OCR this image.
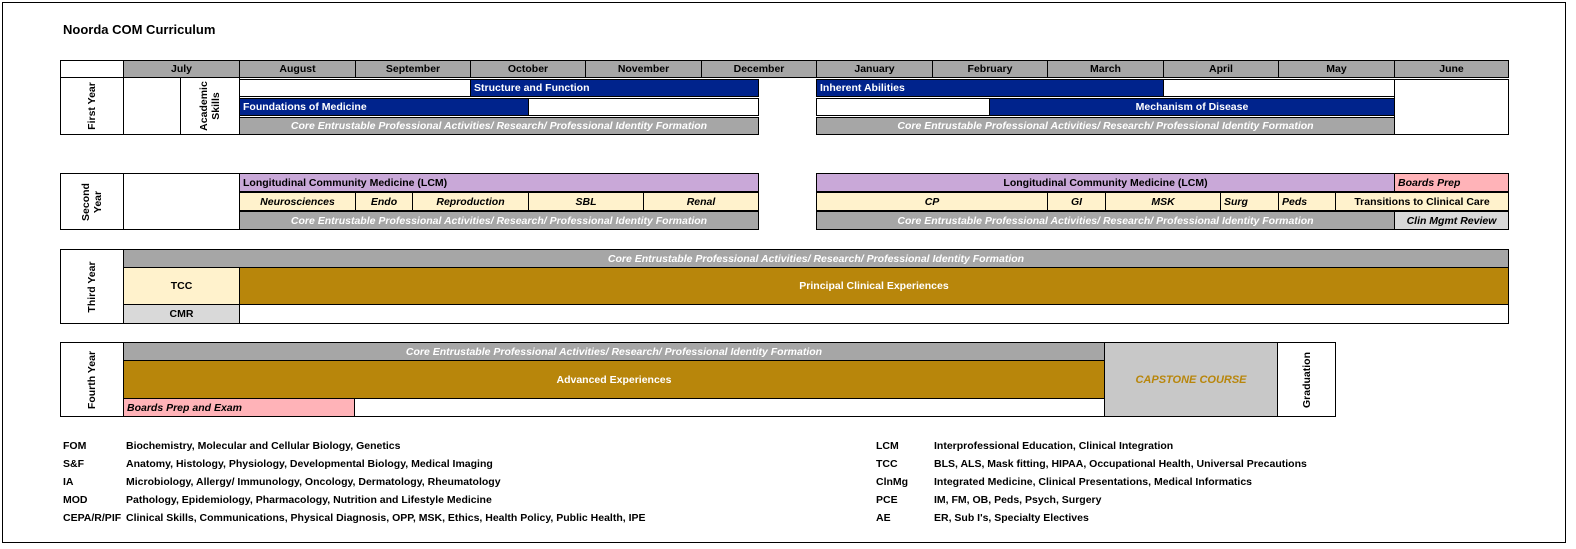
Noorda COM Curriculum
July	August	September	October	November	December	January	February	March	April	May	June
First Year	Academic Skills
Structure and Function
Foundations of Medicine
Core Entrustable Professional Activities/ Research/ Professional Identity Formation
Inherent Abilities
Mechanism of Disease
Core Entrustable Professional Activities/ Research/ Professional Identity Formation
Second Year
Longitudinal Community Medicine (LCM)
Neurosciences	Endo	Reproduction	SBL	Renal
Core Entrustable Professional Activities/ Research/ Professional Identity Formation
Longitudinal Community Medicine (LCM)	Boards Prep
CP	GI	MSK	Surg	Peds	Transitions to Clinical Care
Core Entrustable Professional Activities/ Research/ Professional Identity Formation	Clin Mgmt Review
Third Year
Core Entrustable Professional Activities/ Research/ Professional Identity Formation
TCC	Principal Clinical Experiences
CMR
Fourth Year	Core Entrustable Professional Activities/ Research/ Professional Identity Formation
Advanced Experiences
Boards Prep and Exam
CAPSTONE COURSE	Graduation
FOM	Biochemistry, Molecular and Cellular Biology, Genetics
S&F	Anatomy, Histology, Physiology, Developmental Biology, Medical Imaging
IA	Microbiology, Allergy/ Immunology, Oncology, Dermatology, Rheumatology
MOD	Pathology, Epidemiology, Pharmacology, Nutrition and Lifestyle Medicine
CEPA/R/PIF Clinical Skills, Communications, Physical Diagnosis, OPP, MSK, Ethics, Health Policy, Public Health, IPE
LCM	Interprofessional Education, Clinical Integration
TCC	BLS, ALS, Mask fitting, HIPAA, Occupational Health, Universal Precautions
ClnMg Integrated Medicine, Clinical Presentations, Medical Informatics
PCE	IM, FM, OB, Peds, Psych, Surgery
AE	ER, Sub I's, Specialty Electives
